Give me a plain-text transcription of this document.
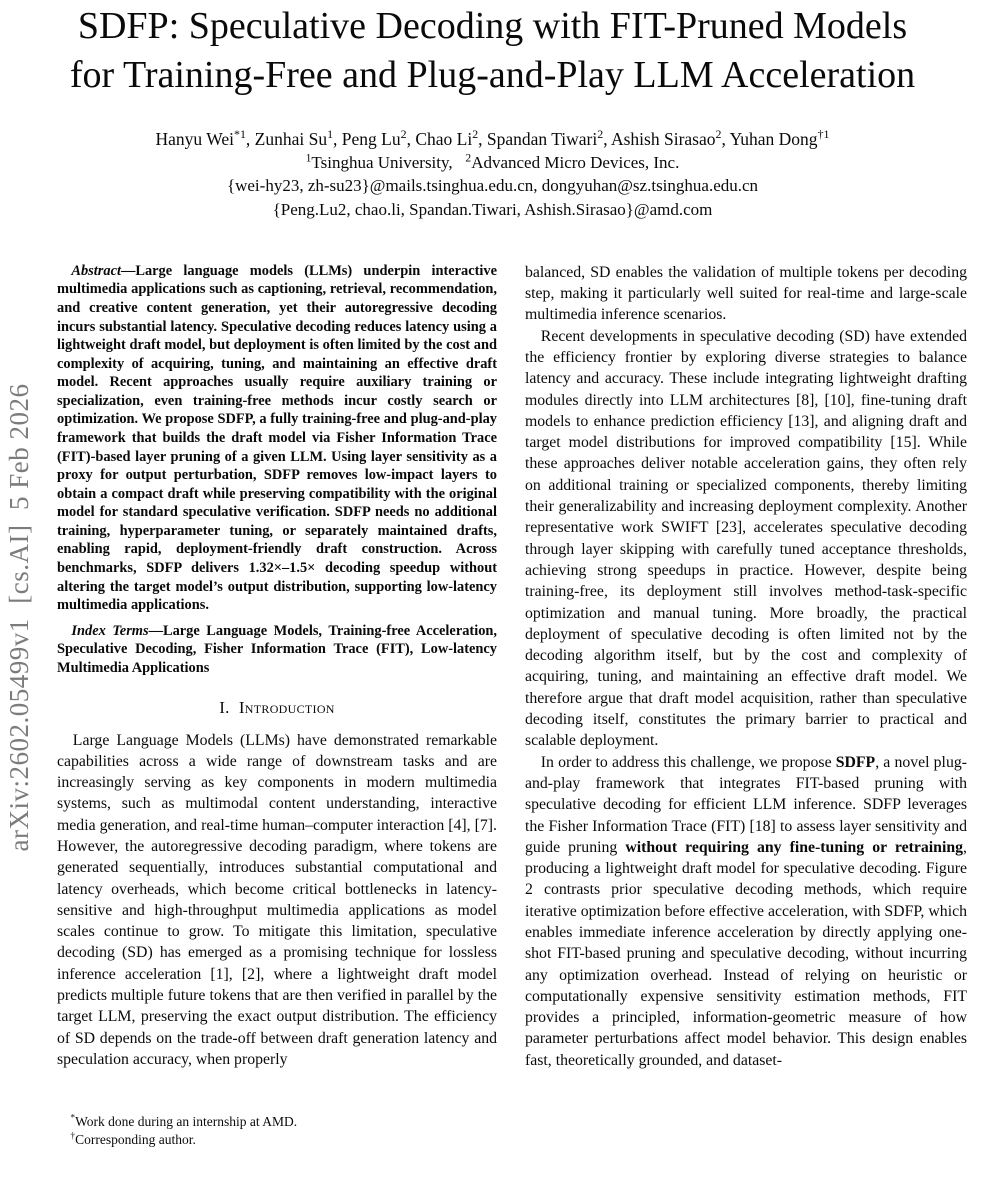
arXiv:2602.05499v1  [cs.AI]  5 Feb 2026
SDFP: Speculative Decoding with FIT-Pruned Models for Training-Free and Plug-and-Play LLM Acceleration
Hanyu Wei$^{*1}$, Zunhai Su$^1$, Peng Lu$^2$, Chao Li$^2$, Spandan Tiwari$^2$, Ashish Sirasao$^2$, Yuhan Dong$^{\dagger 1}$
$^1$Tsinghua University,   $^2$Advanced Micro Devices, Inc.
{wei-hy23, zh-su23}@mails.tsinghua.edu.cn, dongyuhan@sz.tsinghua.edu.cn
{Peng.Lu2, chao.li, Spandan.Tiwari, Ashish.Sirasao}@amd.com

Abstract—Large language models (LLMs) underpin interactive multimedia applications such as captioning, retrieval, recommendation, and creative content generation, yet their autoregressive decoding incurs substantial latency. Speculative decoding reduces latency using a lightweight draft model, but deployment is often limited by the cost and complexity of acquiring, tuning, and maintaining an effective draft model. Recent approaches usually require auxiliary training or specialization, even training-free methods incur costly search or optimization. We propose SDFP, a fully training-free and plug-and-play framework that builds the draft model via Fisher Information Trace (FIT)-based layer pruning of a given LLM. Using layer sensitivity as a proxy for output perturbation, SDFP removes low-impact layers to obtain a compact draft while preserving compatibility with the original model for standard speculative verification. SDFP needs no additional training, hyperparameter tuning, or separately maintained drafts, enabling rapid, deployment-friendly draft construction. Across benchmarks, SDFP delivers 1.32×–1.5× decoding speedup without altering the target model’s output distribution, supporting low-latency multimedia applications.

Index Terms—Large Language Models, Training-free Acceleration, Speculative Decoding, Fisher Information Trace (FIT), Low-latency Multimedia Applications

I.  Introduction

Large Language Models (LLMs) have demonstrated remarkable capabilities across a wide range of downstream tasks and are increasingly serving as key components in modern multimedia systems, such as multimodal content understanding, interactive media generation, and real-time human–computer interaction [4], [7]. However, the autoregressive decoding paradigm, where tokens are generated sequentially, introduces substantial computational and latency overheads, which become critical bottlenecks in latency-sensitive and high-throughput multimedia applications as model scales continue to grow. To mitigate this limitation, speculative decoding (SD) has emerged as a promising technique for lossless inference acceleration [1], [2], where a lightweight draft model predicts multiple future tokens that are then verified in parallel by the target LLM, preserving the exact output distribution. The efficiency of SD depends on the trade-off between draft generation latency and speculation accuracy, when properly

*Work done during an internship at AMD.

†Corresponding author.

balanced, SD enables the validation of multiple tokens per decoding step, making it particularly well suited for real-time and large-scale multimedia inference scenarios.

Recent developments in speculative decoding (SD) have extended the efficiency frontier by exploring diverse strategies to balance latency and accuracy. These include integrating lightweight drafting modules directly into LLM architectures [8], [10], fine-tuning draft models to enhance prediction efficiency [13], and aligning draft and target model distributions for improved compatibility [15]. While these approaches deliver notable acceleration gains, they often rely on additional training or specialized components, thereby limiting their generalizability and increasing deployment complexity. Another representative work SWIFT [23], accelerates speculative decoding through layer skipping with carefully tuned acceptance thresholds, achieving strong speedups in practice. However, despite being training-free, its deployment still involves method-task-specific optimization and manual tuning. More broadly, the practical deployment of speculative decoding is often limited not by the decoding algorithm itself, but by the cost and complexity of acquiring, tuning, and maintaining an effective draft model. We therefore argue that draft model acquisition, rather than speculative decoding itself, constitutes the primary barrier to practical and scalable deployment.

In order to address this challenge, we propose SDFP, a novel plug-and-play framework that integrates FIT-based pruning with speculative decoding for efficient LLM inference. SDFP leverages the Fisher Information Trace (FIT) [18] to assess layer sensitivity and guide pruning without requiring any fine-tuning or retraining, producing a lightweight draft model for speculative decoding. Figure 2 contrasts prior speculative decoding methods, which require iterative optimization before effective acceleration, with SDFP, which enables immediate inference acceleration by directly applying one-shot FIT-based pruning and speculative decoding, without incurring any optimization overhead. Instead of relying on heuristic or computationally expensive sensitivity estimation methods, FIT provides a principled, information-geometric measure of how parameter perturbations affect model behavior. This design enables fast, theoretically grounded, and dataset-
